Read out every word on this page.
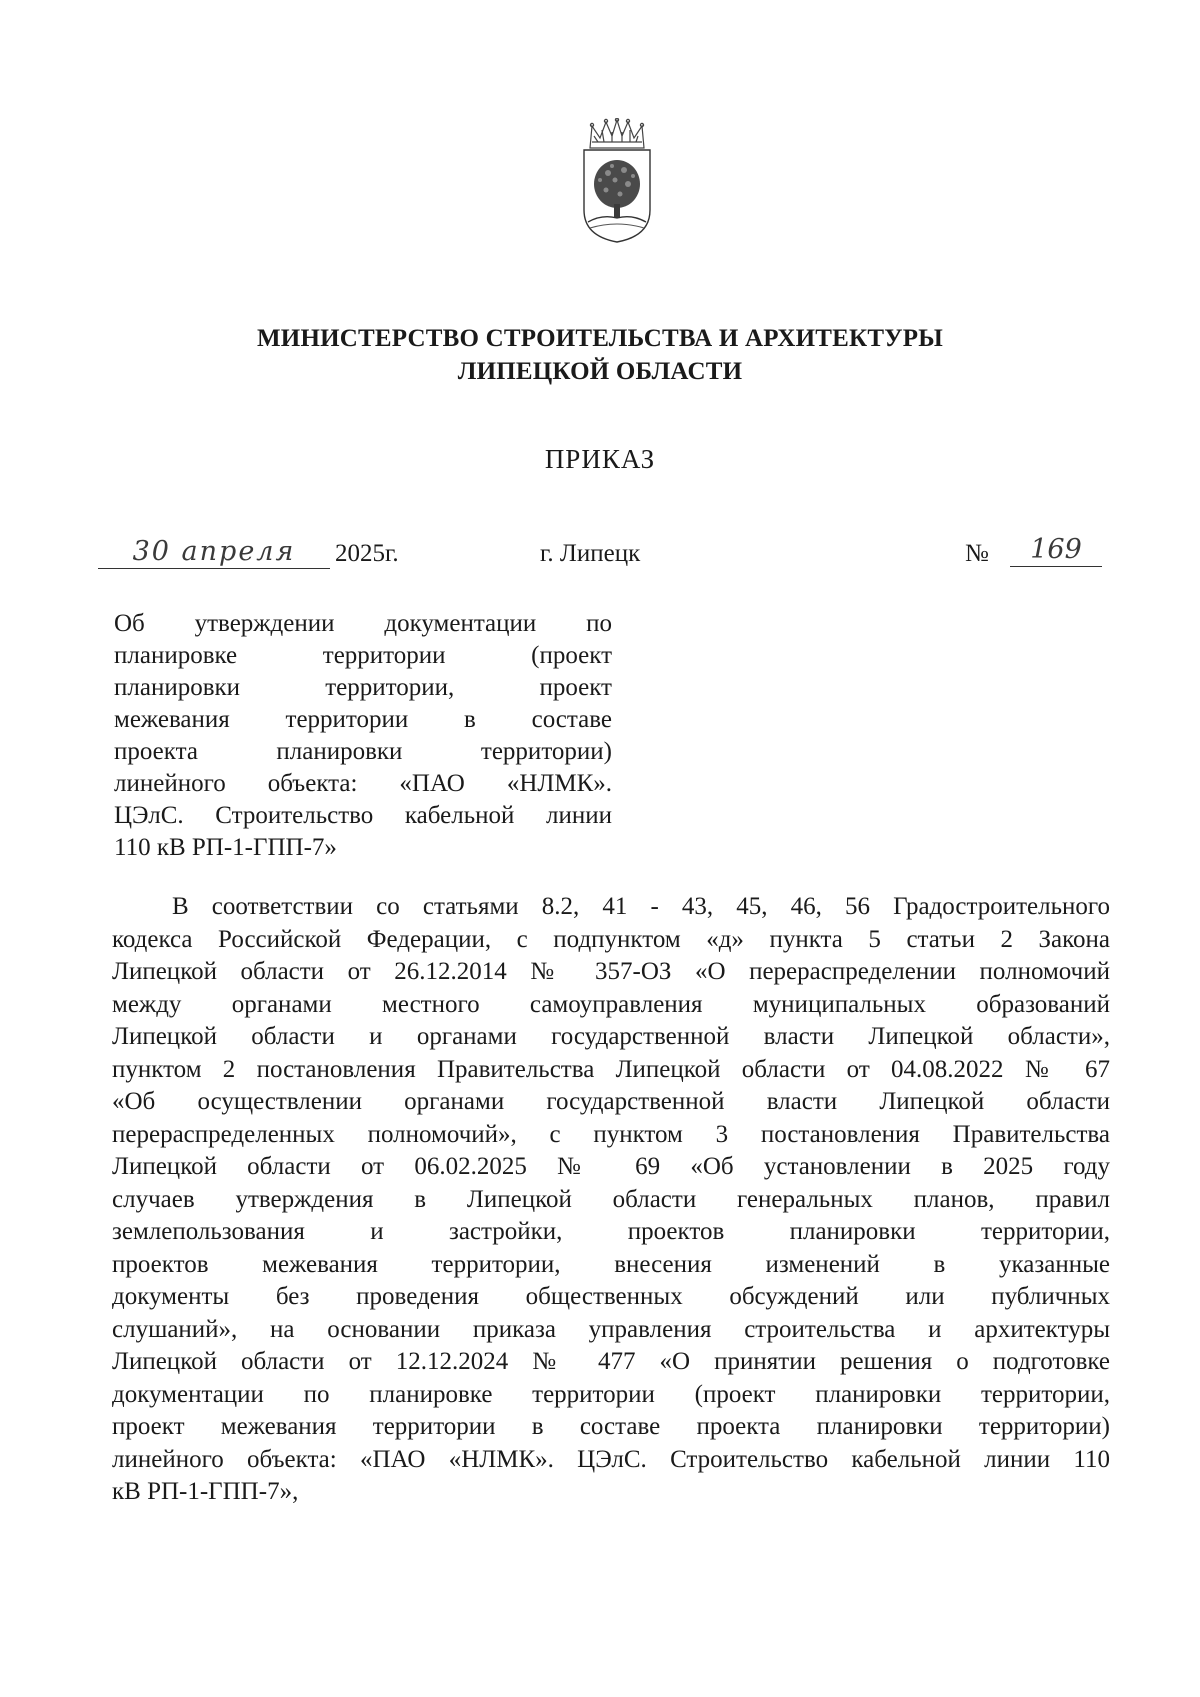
МИНИСТЕРСТВО СТРОИТЕЛЬСТВА И АРХИТЕКТУРЫ
ЛИПЕЦКОЙ ОБЛАСТИ
ПРИКАЗ
30 апреля	2025г.	г. Липецк	№	169
Об утверждении документации по
планировке территории (проект
планировки территории, проект
межевания территории в составе
проекта планировки территории)
линейного объекта: «ПАО «НЛМК».
ЦЭлС. Строительство кабельной линии
110 кВ РП-1-ГПП-7»
В соответствии со статьями 8.2, 41 - 43, 45, 46, 56 Градостроительного
кодекса Российской Федерации, с подпунктом «д» пункта 5 статьи 2 Закона
Липецкой области от 26.12.2014 № 357-ОЗ «О перераспределении полномочий
между органами местного самоуправления муниципальных образований
Липецкой области и органами государственной власти Липецкой области»,
пунктом 2 постановления Правительства Липецкой области от 04.08.2022 № 67
«Об осуществлении органами государственной власти Липецкой области
перераспределенных полномочий», с пунктом 3 постановления Правительства
Липецкой области от 06.02.2025 № 69 «Об установлении в 2025 году
случаев утверждения в Липецкой области генеральных планов, правил
землепользования и застройки, проектов планировки территории,
проектов межевания территории, внесения изменений в указанные
документы без проведения общественных обсуждений или публичных
слушаний», на основании приказа управления строительства и архитектуры
Липецкой области от 12.12.2024 № 477 «О принятии решения о подготовке
документации по планировке территории (проект планировки территории,
проект межевания территории в составе проекта планировки территории)
линейного объекта: «ПАО «НЛМК». ЦЭлС. Строительство кабельной линии 110
кВ РП-1-ГПП-7»,
